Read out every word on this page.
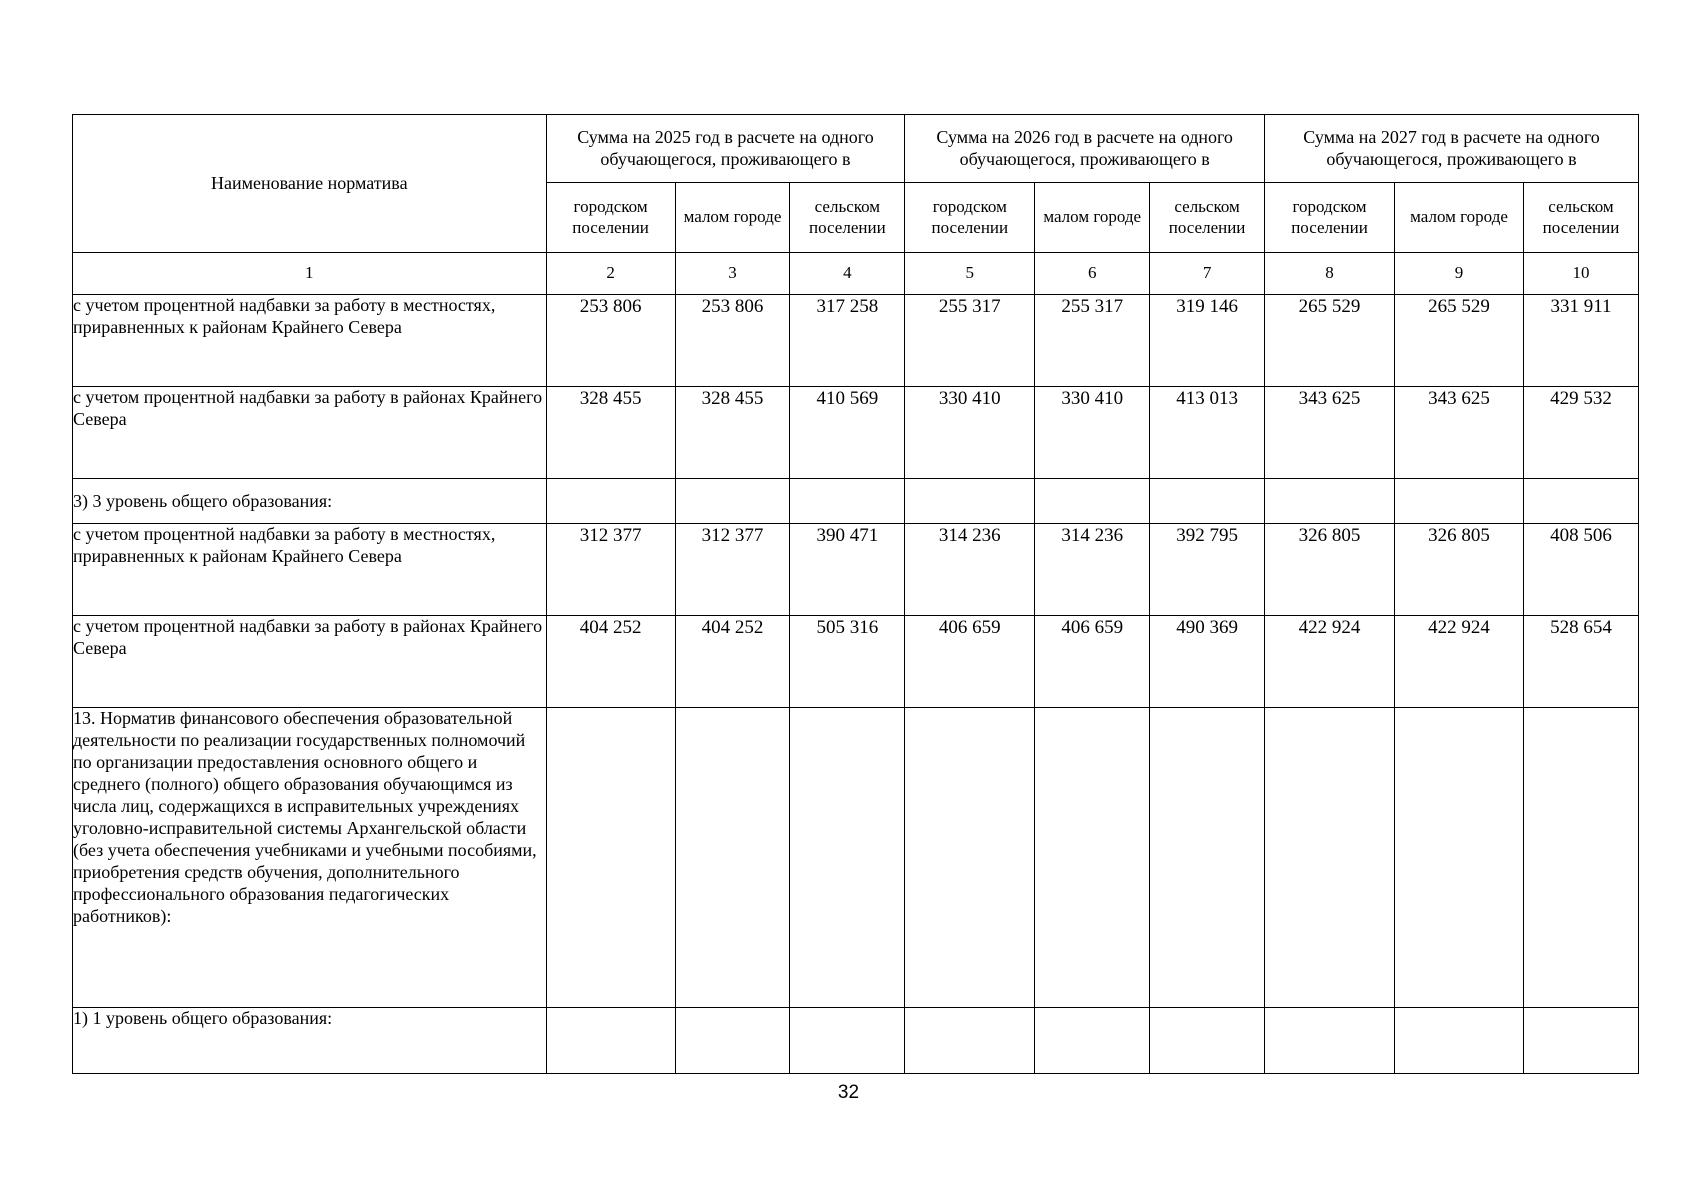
Наименование норматива	Сумма на 2025 год в расчете на одного обучающегося, проживающего в			Сумма на 2026 год в расчете на одного обучающегося, проживающего в			Сумма на 2027 год в расчете на одного обучающегося, проживающего в		
	городском поселении	малом городе	сельском поселении	городском поселении	малом городе	сельском поселении	городском поселении	малом городе	сельском поселении
1	2	3	4	5	6	7	8	9	10
с учетом процентной надбавки за работу в местностях, приравненных к районам Крайнего Севера	253 806	253 806	317 258	255 317	255 317	319 146	265 529	265 529	331 911
с учетом процентной надбавки за работу в районах Крайнего Севера	328 455	328 455	410 569	330 410	330 410	413 013	343 625	343 625	429 532
3) 3 уровень общего образования:									
с учетом процентной надбавки за работу в местностях, приравненных к районам Крайнего Севера	312 377	312 377	390 471	314 236	314 236	392 795	326 805	326 805	408 506
с учетом процентной надбавки за работу в районах Крайнего Севера	404 252	404 252	505 316	406 659	406 659	490 369	422 924	422 924	528 654
13. Норматив финансового обеспечения образовательной деятельности по реализации государственных полномочий по организации предоставления основного общего и среднего (полного) общего образования обучающимся из числа лиц, содержащихся в исправительных учреждениях уголовно-исправительной системы Архангельской области (без учета обеспечения учебниками и учебными пособиями, приобретения средств обучения, дополнительного профессионального образования педагогических работников):									
1) 1 уровень общего образования:									
32
